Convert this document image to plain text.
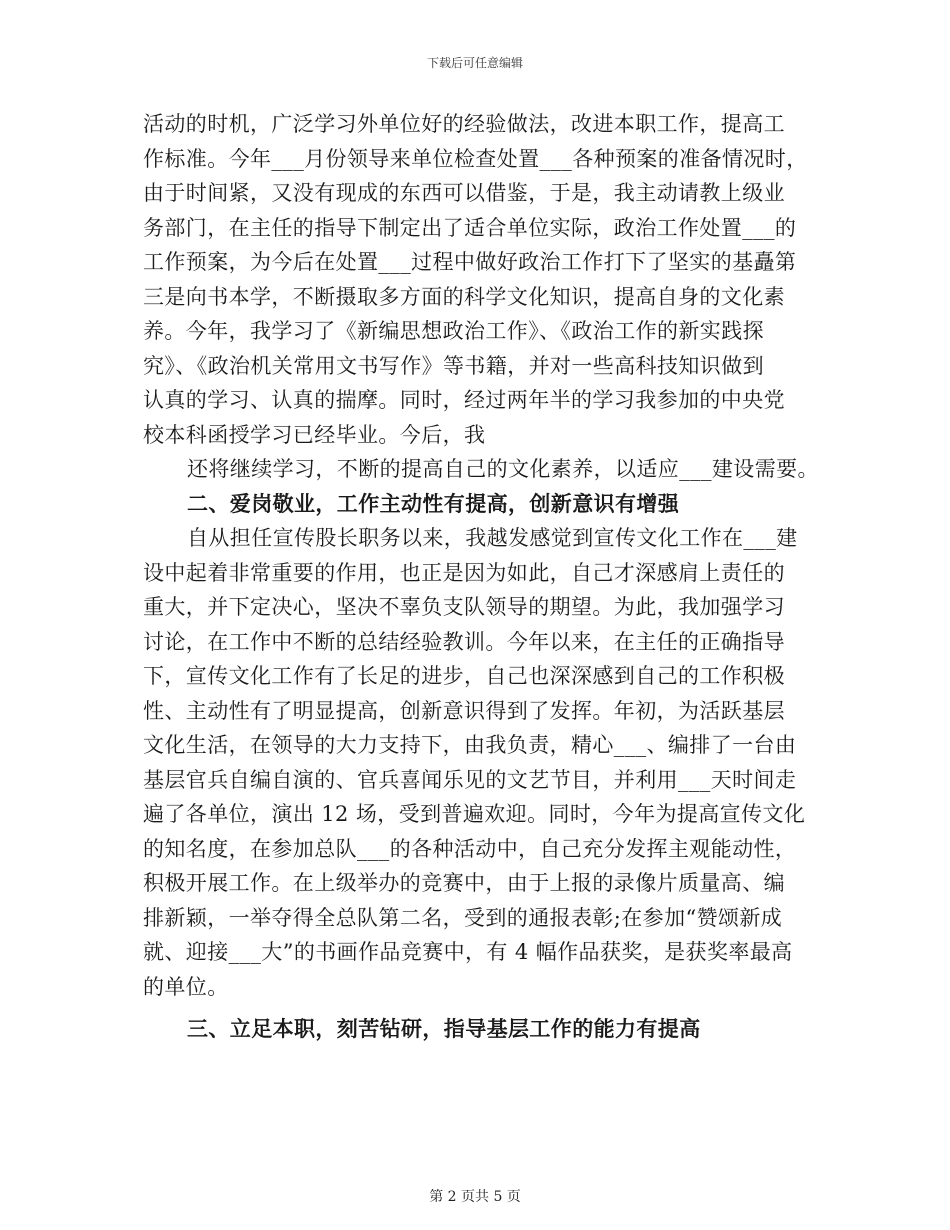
下载后可任意编辑
活动的时机，广泛学习外单位好的经验做法，改进本职工作，提高工
作标准。今年___月份领导来单位检查处置___各种预案的准备情况时，
由于时间紧，又没有现成的东西可以借鉴，于是，我主动请教上级业
务部门，在主任的指导下制定出了适合单位实际，政治工作处置___的
工作预案，为今后在处置___过程中做好政治工作打下了坚实的基矗第
三是向书本学，不断摄取多方面的科学文化知识，提高自身的文化素
养。今年，我学习了《新编思想政治工作》、《政治工作的新实践探
究》、《政治机关常用文书写作》等书籍，并对一些高科技知识做到
认真的学习、认真的揣摩。同时，经过两年半的学习我参加的中央党
校本科函授学习已经毕业。今后，我
还将继续学习，不断的提高自己的文化素养，以适应___建设需要。
二、爱岗敬业，工作主动性有提高，创新意识有增强
自从担任宣传股长职务以来，我越发感觉到宣传文化工作在___建
设中起着非常重要的作用，也正是因为如此，自己才深感肩上责任的
重大，并下定决心，坚决不辜负支队领导的期望。为此，我加强学习
讨论，在工作中不断的总结经验教训。今年以来，在主任的正确指导
下，宣传文化工作有了长足的进步，自己也深深感到自己的工作积极
性、主动性有了明显提高，创新意识得到了发挥。年初，为活跃基层
文化生活，在领导的大力支持下，由我负责，精心___、编排了一台由
基层官兵自编自演的、官兵喜闻乐见的文艺节目，并利用___天时间走
遍了各单位，演出 12 场，受到普遍欢迎。同时，今年为提高宣传文化
的知名度，在参加总队___的各种活动中，自己充分发挥主观能动性，
积极开展工作。在上级举办的竞赛中，由于上报的录像片质量高、编
排新颖，一举夺得全总队第二名，受到的通报表彰;在参加“赞颂新成
就、迎接___大”的书画作品竞赛中，有 4 幅作品获奖，是获奖率最高
的单位。
三、立足本职，刻苦钻研，指导基层工作的能力有提高
第 2 页共 5 页
